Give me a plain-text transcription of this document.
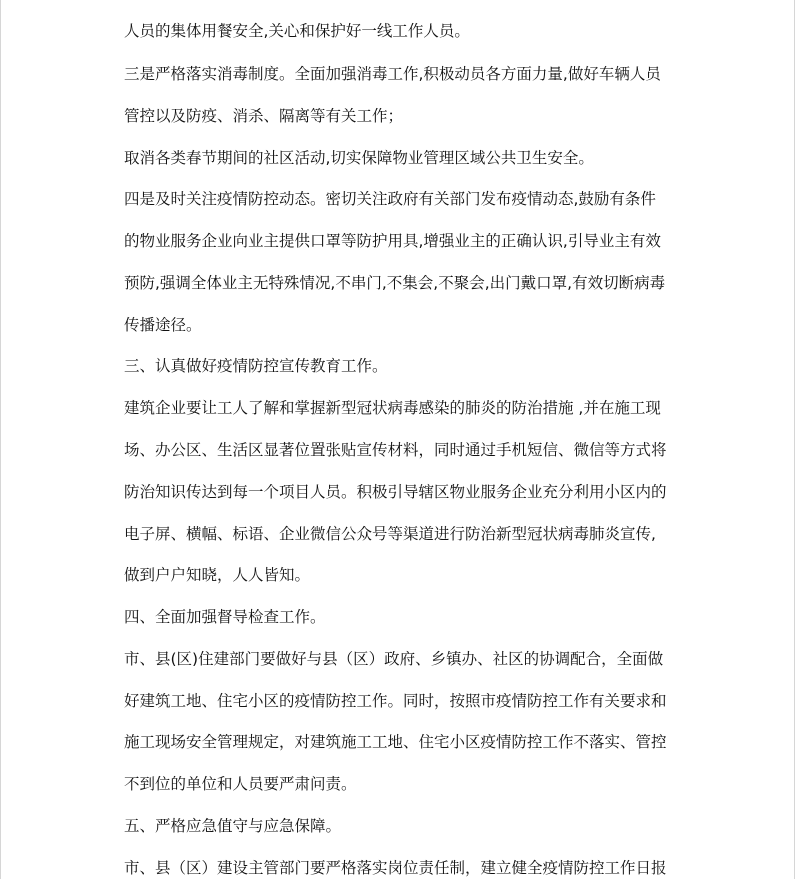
人员的集体用餐安全,关心和保护好一线工作人员。
三是严格落实消毒制度。全面加强消毒工作,积极动员各方面力量,做好车辆人员
管控以及防疫、消杀、隔离等有关工作；
取消各类春节期间的社区活动,切实保障物业管理区域公共卫生安全。
四是及时关注疫情防控动态。密切关注政府有关部门发布疫情动态,鼓励有条件
的物业服务企业向业主提供口罩等防护用具,增强业主的正确认识,引导业主有效
预防,强调全体业主无特殊情况,不串门,不集会,不聚会,出门戴口罩,有效切断病毒
传播途径。
三、认真做好疫情防控宣传教育工作。
建筑企业要让工人了解和掌握新型冠状病毒感染的肺炎的防治措施 ,并在施工现
场、办公区、生活区显著位置张贴宣传材料，同时通过手机短信、微信等方式将
防治知识传达到每一个项目人员。积极引导辖区物业服务企业充分利用小区内的
电子屏、横幅、标语、企业微信公众号等渠道进行防治新型冠状病毒肺炎宣传,
做到户户知晓，人人皆知。
四、全面加强督导检查工作。
市、县(区)住建部门要做好与县（区）政府、乡镇办、社区的协调配合，全面做
好建筑工地、住宅小区的疫情防控工作。同时，按照市疫情防控工作有关要求和
施工现场安全管理规定，对建筑施工工地、住宅小区疫情防控工作不落实、管控
不到位的单位和人员要严肃问责。
五、严格应急值守与应急保障。
市、县（区）建设主管部门要严格落实岗位责任制，建立健全疫情防控工作日报
